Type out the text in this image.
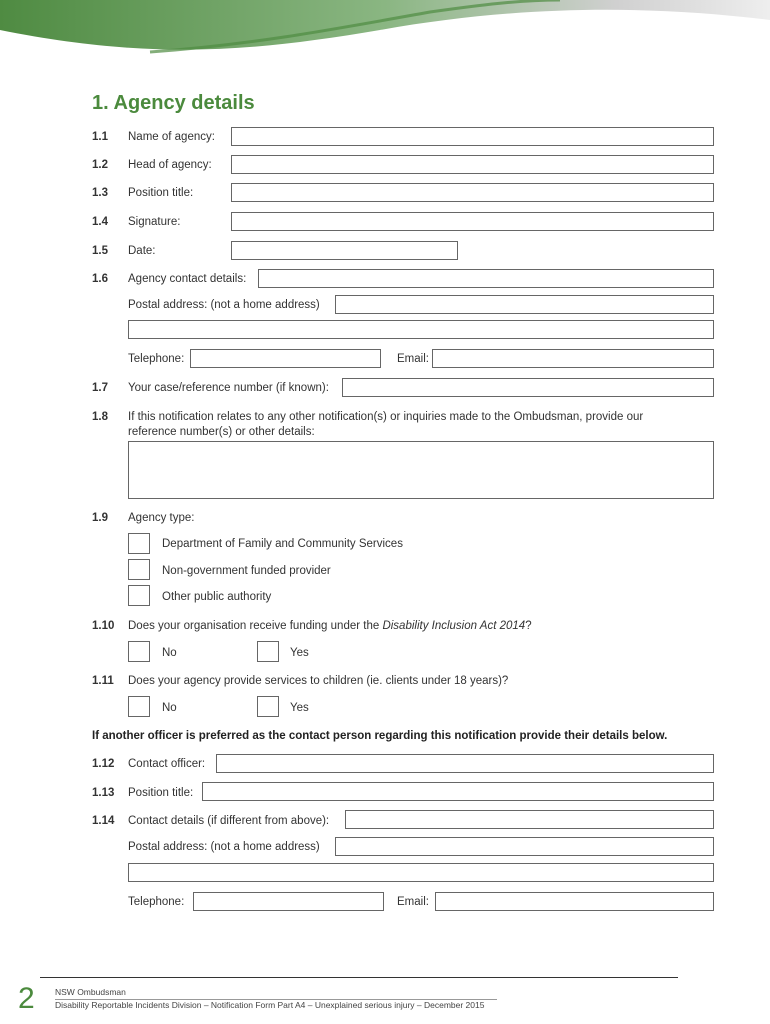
1. Agency details
1.1 Name of agency:
1.2 Head of agency:
1.3 Position title:
1.4 Signature:
1.5 Date:
1.6 Agency contact details:
Postal address: (not a home address)
Telephone:	Email:
1.7 Your case/reference number (if known):
1.8 If this notification relates to any other notification(s) or inquiries made to the Ombudsman, provide our
reference number(s) or other details:
1.9 Agency type:
Department of Family and Community Services
Non-government funded provider
Other public authority
1.10 Does your organisation receive funding under the Disability Inclusion Act 2014?
No	Yes
1.11 Does your agency provide services to children (ie. clients under 18 years)?
No	Yes
If another officer is preferred as the contact person regarding this notification provide their details below.
1.12 Contact officer:
1.13 Position title:
1.14 Contact details (if different from above):
Postal address: (not a home address)
Telephone:	Email:
2 NSW Ombudsman
Disability Reportable Incidents Division – Notification Form Part A4 – Unexplained serious injury – December 2015
